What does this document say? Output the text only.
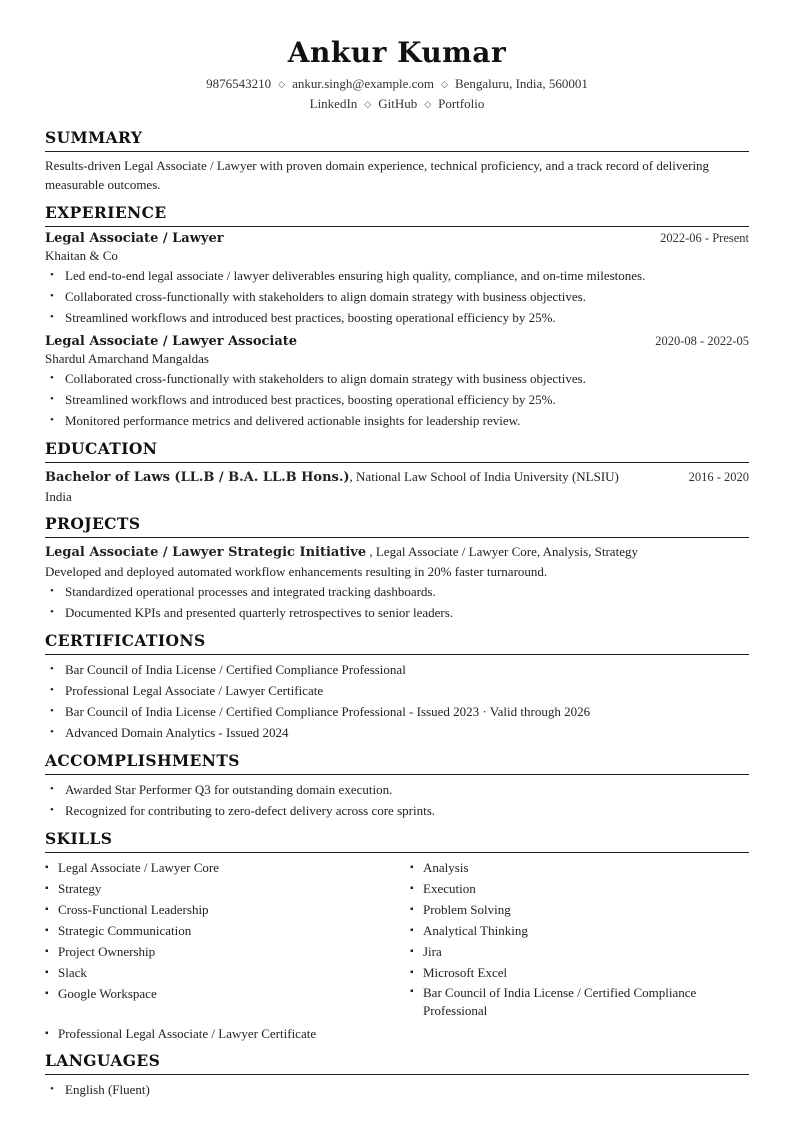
Ankur Kumar
9876543210 ◇ ankur.singh@example.com ◇ Bengaluru, India, 560001
LinkedIn ◇ GitHub ◇ Portfolio
SUMMARY
Results-driven Legal Associate / Lawyer with proven domain experience, technical proficiency, and a track record of delivering measurable outcomes.
EXPERIENCE
Legal Associate / Lawyer	2022-06 - Present
Khaitan & Co
• Led end-to-end legal associate / lawyer deliverables ensuring high quality, compliance, and on-time milestones.
• Collaborated cross-functionally with stakeholders to align domain strategy with business objectives.
• Streamlined workflows and introduced best practices, boosting operational efficiency by 25%.
Legal Associate / Lawyer Associate	2020-08 - 2022-05
Shardul Amarchand Mangaldas
• Collaborated cross-functionally with stakeholders to align domain strategy with business objectives.
• Streamlined workflows and introduced best practices, boosting operational efficiency by 25%.
• Monitored performance metrics and delivered actionable insights for leadership review.
EDUCATION
Bachelor of Laws (LL.B / B.A. LL.B Hons.), National Law School of India University (NLSIU)	2016 - 2020
India
PROJECTS
Legal Associate / Lawyer Strategic Initiative , Legal Associate / Lawyer Core, Analysis, Strategy
Developed and deployed automated workflow enhancements resulting in 20% faster turnaround.
• Standardized operational processes and integrated tracking dashboards.
• Documented KPIs and presented quarterly retrospectives to senior leaders.
CERTIFICATIONS
• Bar Council of India License / Certified Compliance Professional
• Professional Legal Associate / Lawyer Certificate
• Bar Council of India License / Certified Compliance Professional - Issued 2023 · Valid through 2026
• Advanced Domain Analytics - Issued 2024
ACCOMPLISHMENTS
• Awarded Star Performer Q3 for outstanding domain execution.
• Recognized for contributing to zero-defect delivery across core sprints.
SKILLS
▪ Legal Associate / Lawyer Core	▪ Analysis
▪ Strategy	▪ Execution
▪ Cross-Functional Leadership	▪ Problem Solving
▪ Strategic Communication	▪ Analytical Thinking
▪ Project Ownership	▪ Jira
▪ Slack	▪ Microsoft Excel
▪ Google Workspace	▪ Bar Council of India License / Certified Compliance Professional
▪ Professional Legal Associate / Lawyer Certificate
LANGUAGES
• English (Fluent)
